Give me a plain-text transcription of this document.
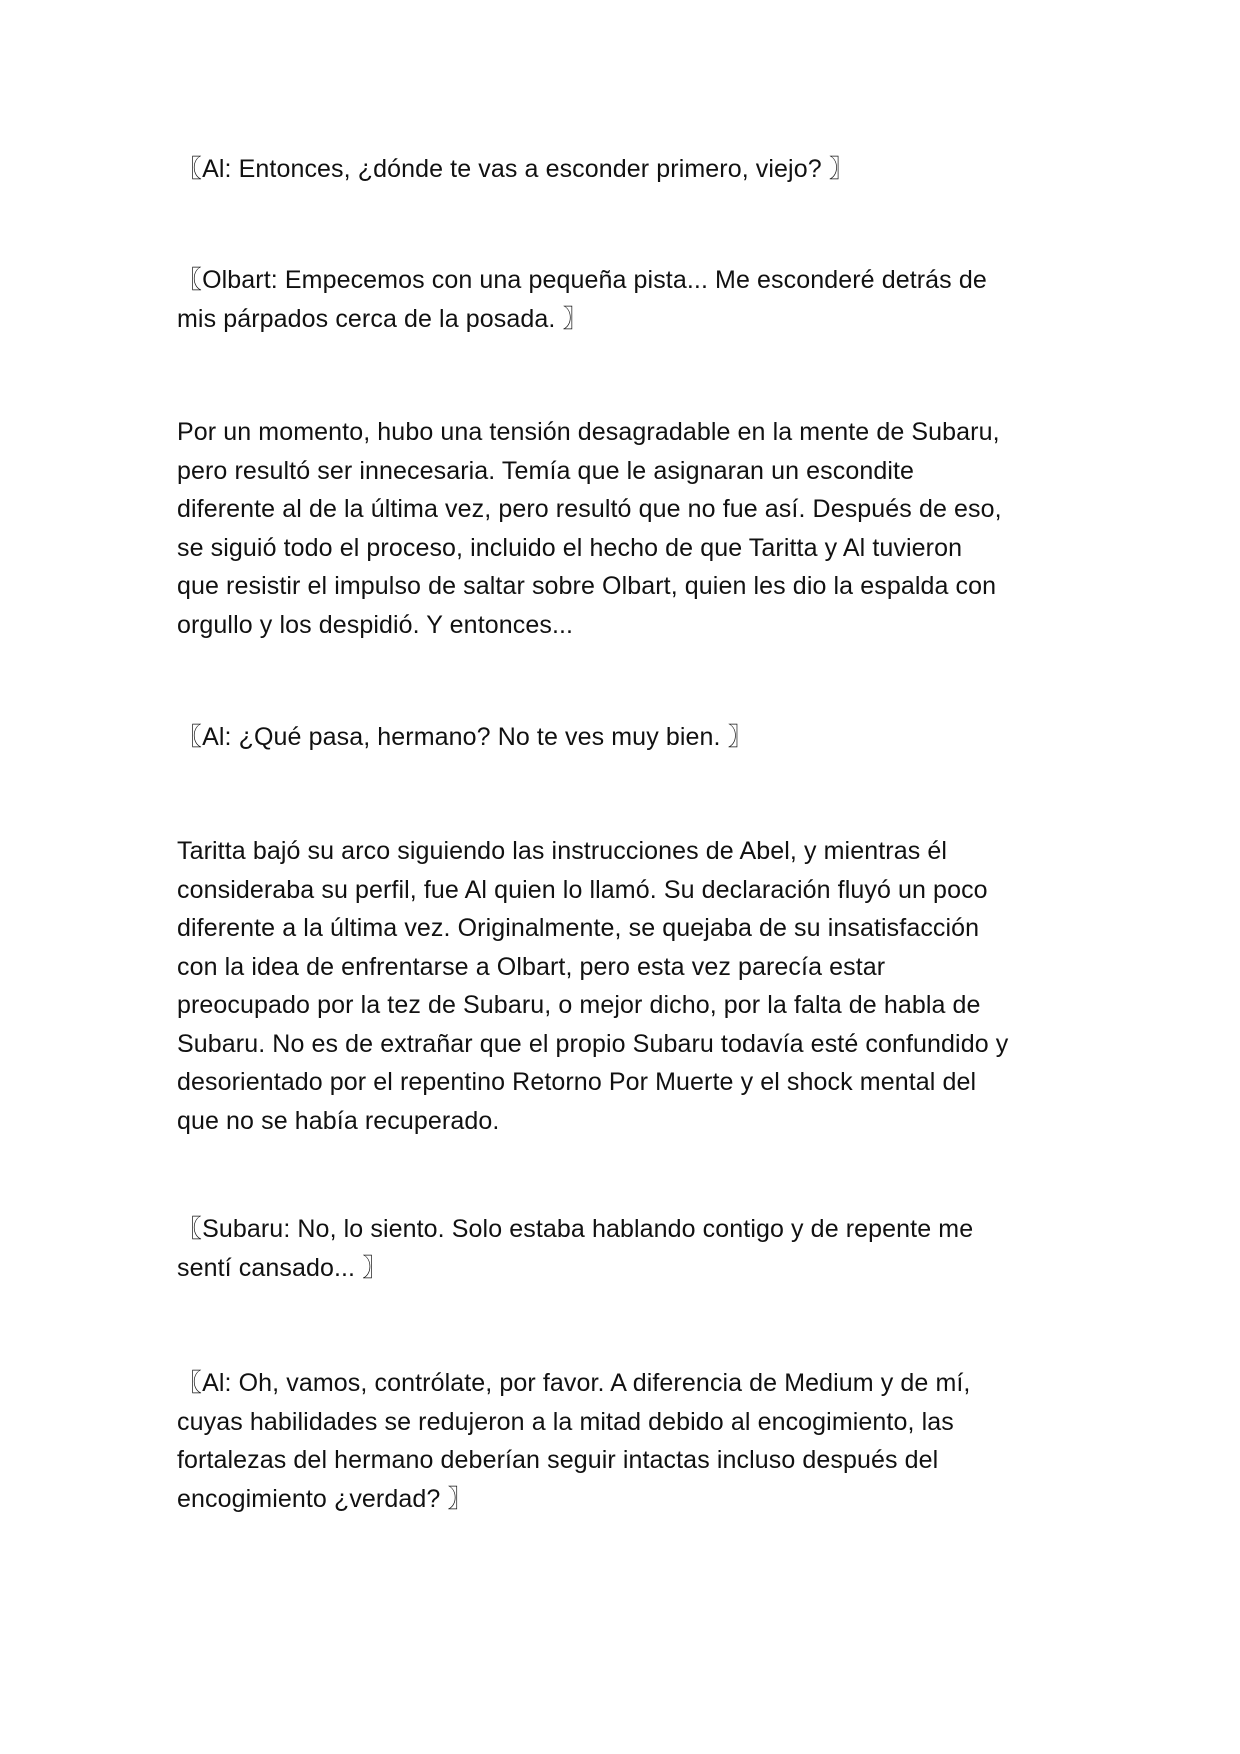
〖Al: Entonces, ¿dónde te vas a esconder primero, viejo? 〗

〖Olbart: Empecemos con una pequeña pista... Me esconderé detrás de
mis párpados cerca de la posada. 〗

Por un momento, hubo una tensión desagradable en la mente de Subaru,
pero resultó ser innecesaria. Temía que le asignaran un escondite
diferente al de la última vez, pero resultó que no fue así. Después de eso,
se siguió todo el proceso, incluido el hecho de que Taritta y Al tuvieron
que resistir el impulso de saltar sobre Olbart, quien les dio la espalda con
orgullo y los despidió. Y entonces...

〖Al: ¿Qué pasa, hermano? No te ves muy bien. 〗

Taritta bajó su arco siguiendo las instrucciones de Abel, y mientras él
consideraba su perfil, fue Al quien lo llamó. Su declaración fluyó un poco
diferente a la última vez. Originalmente, se quejaba de su insatisfacción
con la idea de enfrentarse a Olbart, pero esta vez parecía estar
preocupado por la tez de Subaru, o mejor dicho, por la falta de habla de
Subaru. No es de extrañar que el propio Subaru todavía esté confundido y
desorientado por el repentino Retorno Por Muerte y el shock mental del
que no se había recuperado.

〖Subaru: No, lo siento. Solo estaba hablando contigo y de repente me
sentí cansado... 〗

〖Al: Oh, vamos, contrólate, por favor. A diferencia de Medium y de mí,
cuyas habilidades se redujeron a la mitad debido al encogimiento, las
fortalezas del hermano deberían seguir intactas incluso después del
encogimiento ¿verdad? 〗
